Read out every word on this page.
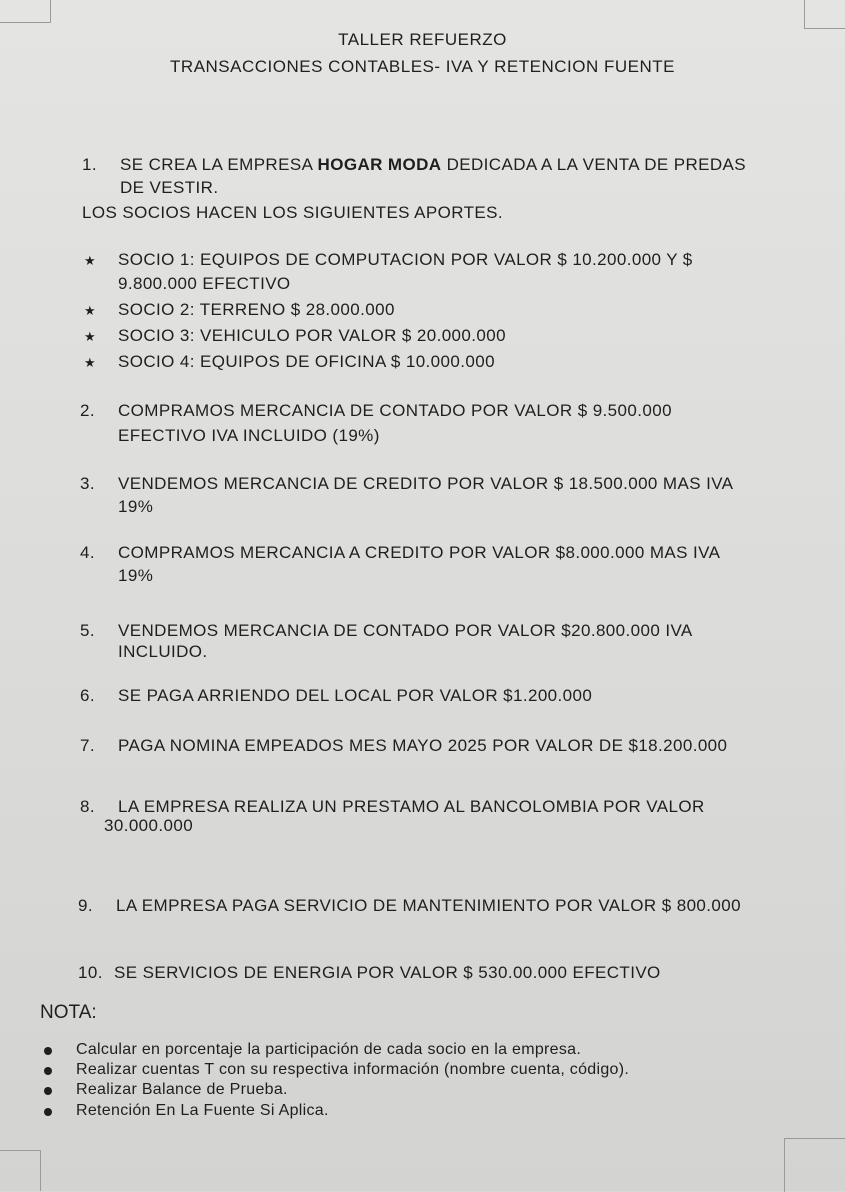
TALLER REFUERZO
TRANSACCIONES CONTABLES- IVA Y RETENCION FUENTE
1. SE CREA LA EMPRESA HOGAR MODA DEDICADA A LA VENTA DE PREDAS
DE VESTIR.
LOS SOCIOS HACEN LOS SIGUIENTES APORTES.
★ SOCIO 1: EQUIPOS DE COMPUTACION POR VALOR $ 10.200.000 Y $
9.800.000 EFECTIVO
★ SOCIO 2: TERRENO $ 28.000.000
★ SOCIO 3: VEHICULO POR VALOR $ 20.000.000
★ SOCIO 4: EQUIPOS DE OFICINA $ 10.000.000
2. COMPRAMOS MERCANCIA DE CONTADO POR VALOR $ 9.500.000
EFECTIVO IVA INCLUIDO (19%)
3. VENDEMOS MERCANCIA DE CREDITO POR VALOR $ 18.500.000 MAS IVA
19%
4. COMPRAMOS MERCANCIA A CREDITO POR VALOR $8.000.000 MAS IVA
19%
5. VENDEMOS MERCANCIA DE CONTADO POR VALOR $20.800.000 IVA
INCLUIDO.
6. SE PAGA ARRIENDO DEL LOCAL POR VALOR $1.200.000
7. PAGA NOMINA EMPEADOS MES MAYO 2025 POR VALOR DE $18.200.000
8. LA EMPRESA REALIZA UN PRESTAMO AL BANCOLOMBIA POR VALOR
30.000.000
9. LA EMPRESA PAGA SERVICIO DE MANTENIMIENTO POR VALOR $ 800.000
10. SE SERVICIOS DE ENERGIA POR VALOR $ 530.00.000 EFECTIVO
NOTA:
Calcular en porcentaje la participación de cada socio en la empresa.
Realizar cuentas T con su respectiva información (nombre cuenta, código).
Realizar Balance de Prueba.
Retención En La Fuente Si Aplica.
